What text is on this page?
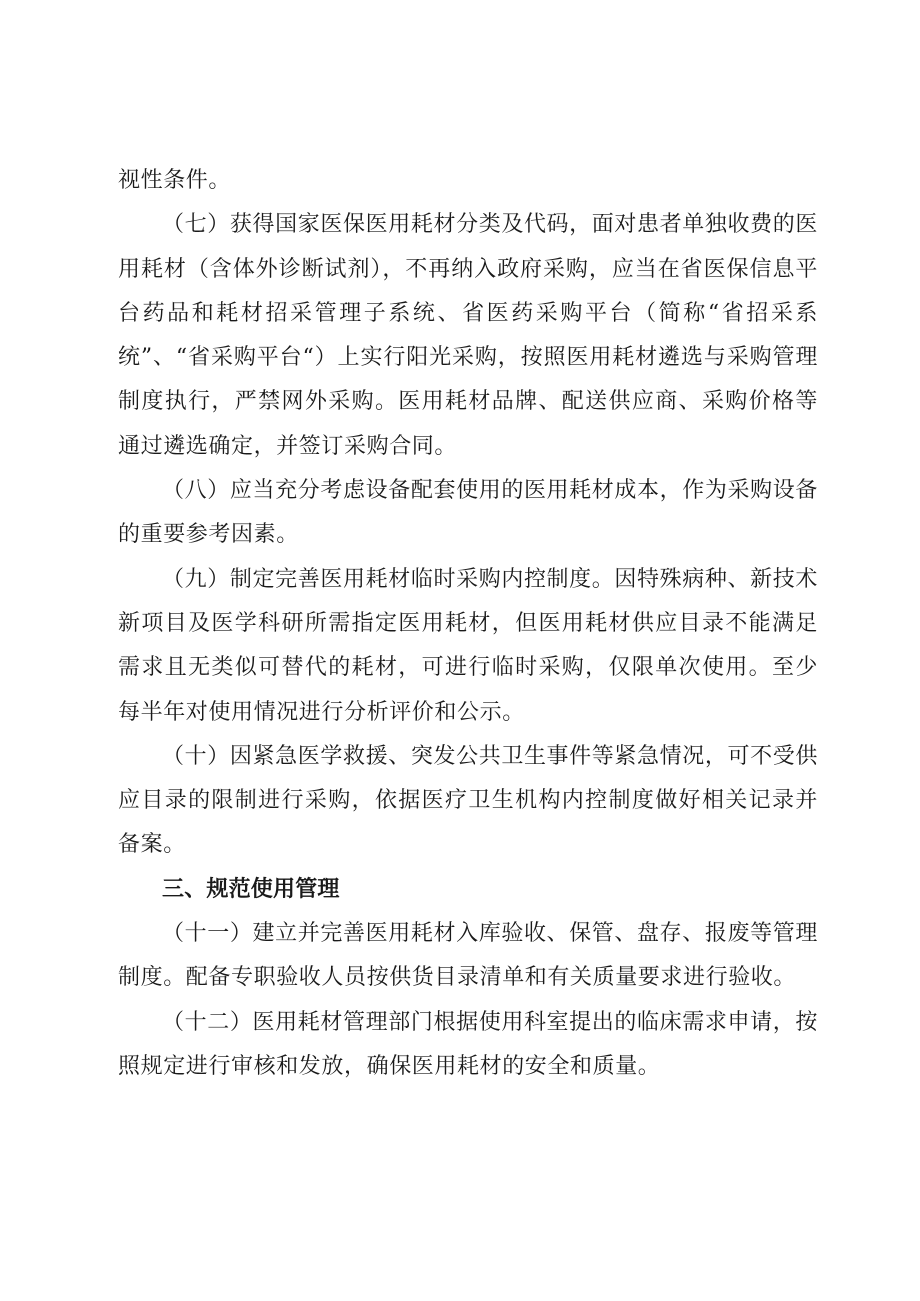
视性条件。

（七）获得国家医保医用耗材分类及代码，面对患者单独收费的医用耗材（含体外诊断试剂），不再纳入政府采购，应当在省医保信息平台药品和耗材招采管理子系统、省医药采购平台（简称“省招采系统”、“省采购平台“）上实行阳光采购，按照医用耗材遴选与采购管理制度执行，严禁网外采购。医用耗材品牌、配送供应商、采购价格等通过遴选确定，并签订采购合同。

（八）应当充分考虑设备配套使用的医用耗材成本，作为采购设备的重要参考因素。

（九）制定完善医用耗材临时采购内控制度。因特殊病种、新技术新项目及医学科研所需指定医用耗材，但医用耗材供应目录不能满足需求且无类似可替代的耗材，可进行临时采购，仅限单次使用。至少每半年对使用情况进行分析评价和公示。

（十）因紧急医学救援、突发公共卫生事件等紧急情况，可不受供应目录的限制进行采购，依据医疗卫生机构内控制度做好相关记录并备案。

三、规范使用管理

（十一）建立并完善医用耗材入库验收、保管、盘存、报废等管理制度。配备专职验收人员按供货目录清单和有关质量要求进行验收。

（十二）医用耗材管理部门根据使用科室提出的临床需求申请，按照规定进行审核和发放，确保医用耗材的安全和质量。
